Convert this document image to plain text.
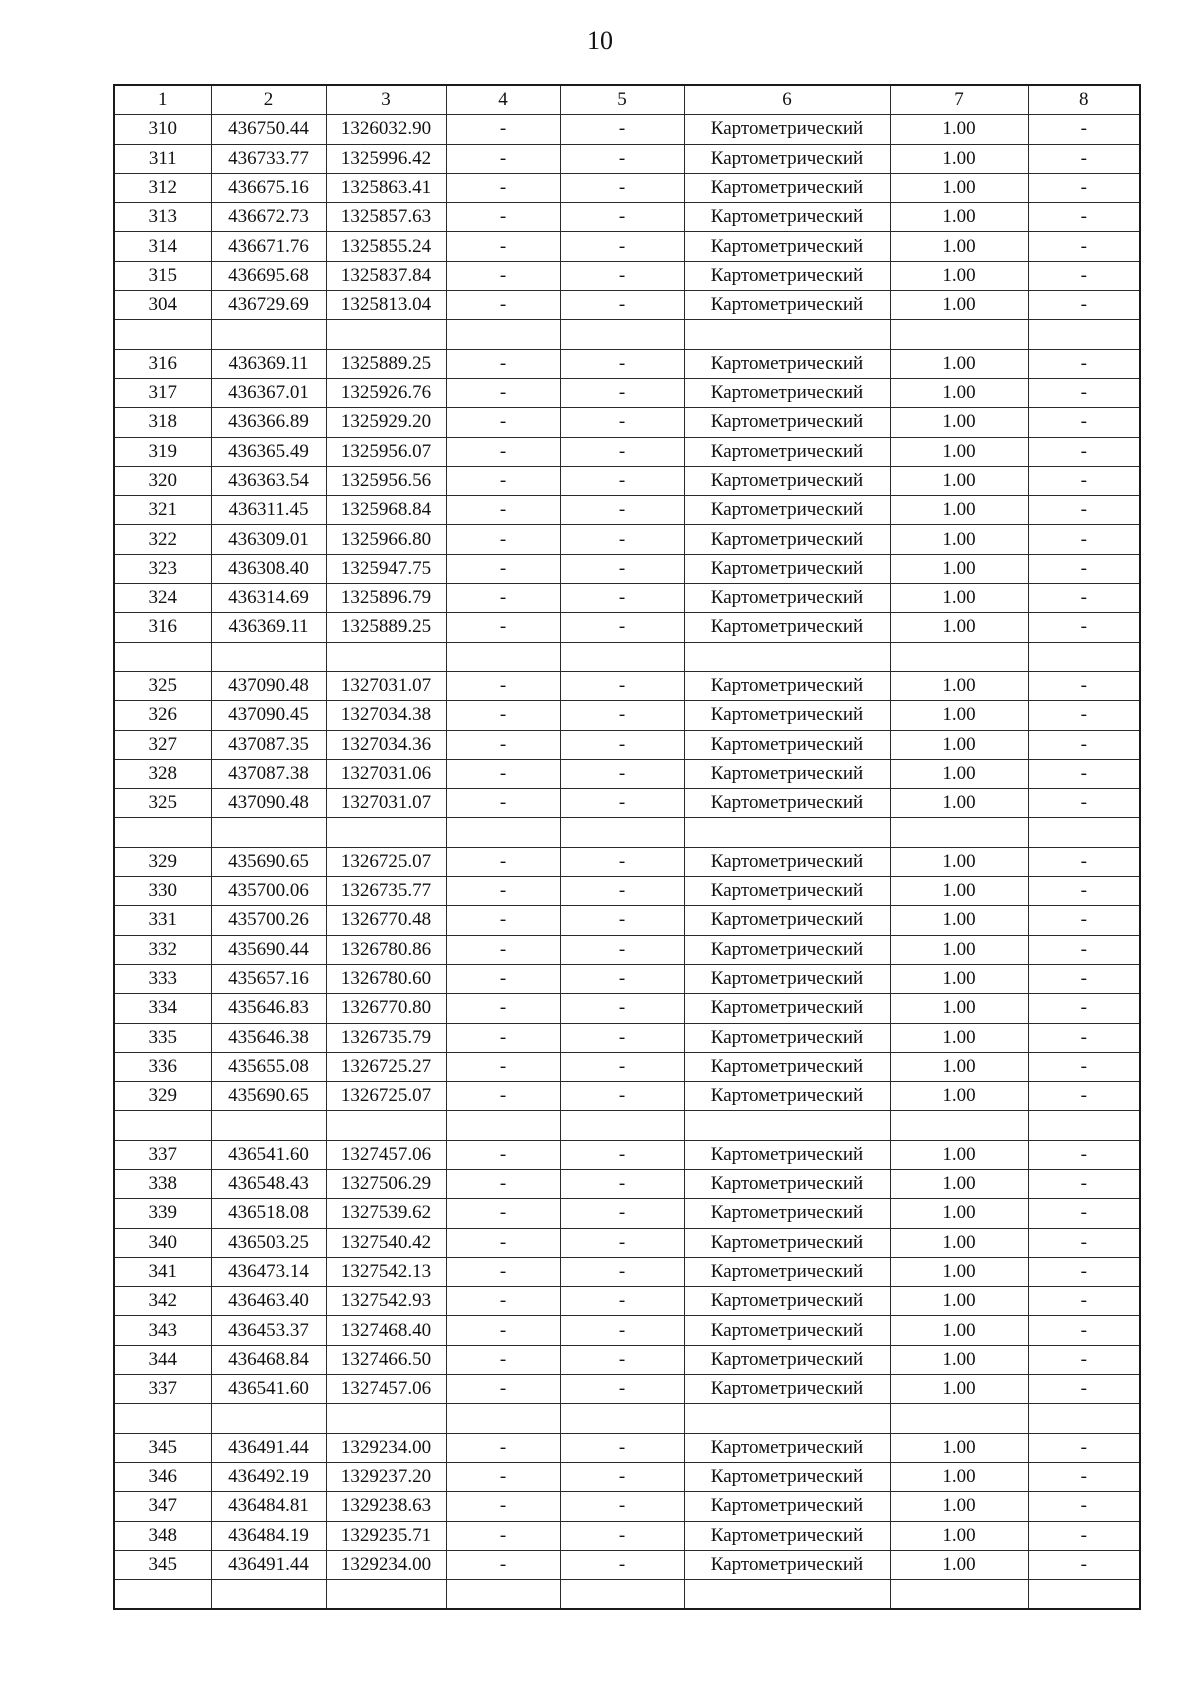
10
1	2	3	4	5	6	7	8
310	436750.44	1326032.90	-	-	Картометрический	1.00	-
311	436733.77	1325996.42	-	-	Картометрический	1.00	-
312	436675.16	1325863.41	-	-	Картометрический	1.00	-
313	436672.73	1325857.63	-	-	Картометрический	1.00	-
314	436671.76	1325855.24	-	-	Картометрический	1.00	-
315	436695.68	1325837.84	-	-	Картометрический	1.00	-
304	436729.69	1325813.04	-	-	Картометрический	1.00	-

316	436369.11	1325889.25	-	-	Картометрический	1.00	-
317	436367.01	1325926.76	-	-	Картометрический	1.00	-
318	436366.89	1325929.20	-	-	Картометрический	1.00	-
319	436365.49	1325956.07	-	-	Картометрический	1.00	-
320	436363.54	1325956.56	-	-	Картометрический	1.00	-
321	436311.45	1325968.84	-	-	Картометрический	1.00	-
322	436309.01	1325966.80	-	-	Картометрический	1.00	-
323	436308.40	1325947.75	-	-	Картометрический	1.00	-
324	436314.69	1325896.79	-	-	Картометрический	1.00	-
316	436369.11	1325889.25	-	-	Картометрический	1.00	-

325	437090.48	1327031.07	-	-	Картометрический	1.00	-
326	437090.45	1327034.38	-	-	Картометрический	1.00	-
327	437087.35	1327034.36	-	-	Картометрический	1.00	-
328	437087.38	1327031.06	-	-	Картометрический	1.00	-
325	437090.48	1327031.07	-	-	Картометрический	1.00	-

329	435690.65	1326725.07	-	-	Картометрический	1.00	-
330	435700.06	1326735.77	-	-	Картометрический	1.00	-
331	435700.26	1326770.48	-	-	Картометрический	1.00	-
332	435690.44	1326780.86	-	-	Картометрический	1.00	-
333	435657.16	1326780.60	-	-	Картометрический	1.00	-
334	435646.83	1326770.80	-	-	Картометрический	1.00	-
335	435646.38	1326735.79	-	-	Картометрический	1.00	-
336	435655.08	1326725.27	-	-	Картометрический	1.00	-
329	435690.65	1326725.07	-	-	Картометрический	1.00	-

337	436541.60	1327457.06	-	-	Картометрический	1.00	-
338	436548.43	1327506.29	-	-	Картометрический	1.00	-
339	436518.08	1327539.62	-	-	Картометрический	1.00	-
340	436503.25	1327540.42	-	-	Картометрический	1.00	-
341	436473.14	1327542.13	-	-	Картометрический	1.00	-
342	436463.40	1327542.93	-	-	Картометрический	1.00	-
343	436453.37	1327468.40	-	-	Картометрический	1.00	-
344	436468.84	1327466.50	-	-	Картометрический	1.00	-
337	436541.60	1327457.06	-	-	Картометрический	1.00	-

345	436491.44	1329234.00	-	-	Картометрический	1.00	-
346	436492.19	1329237.20	-	-	Картометрический	1.00	-
347	436484.81	1329238.63	-	-	Картометрический	1.00	-
348	436484.19	1329235.71	-	-	Картометрический	1.00	-
345	436491.44	1329234.00	-	-	Картометрический	1.00	-
